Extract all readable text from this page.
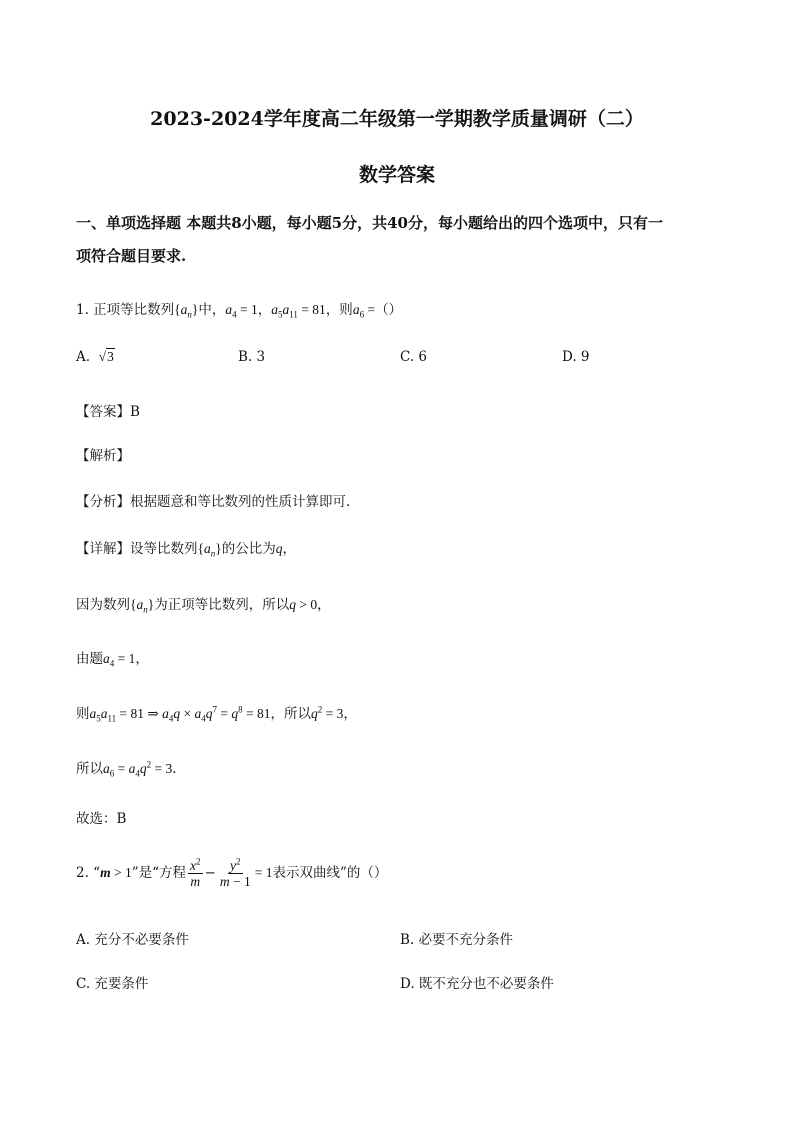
2023-2024学年度高二年级第一学期教学质量调研（二）
数学答案
一、单项选择题 本题共8小题，每小题5分，共40分，每小题给出的四个选项中，只有一
项符合题目要求.
1. 正项等比数列$\{a_n\}$中，$a_4 = 1$，$a_5a_{11} = 81$，则$a_6$ =（）
A. √3	B. 3	C. 6	D. 9
【答案】B
【解析】
【分析】根据题意和等比数列的性质计算即可.
【详解】设等比数列$\{a_n\}$的公比为q，
因为数列$\{a_n\}$为正项等比数列，所以q > 0，
由题$a_4 = 1$，
则$a_5a_{11} = 81$ ⇒ $a_4q \times a_4q^7 = q^8 = 81$，所以$q^2 = 3$，
所以$a_6 = a_4q^2 = 3$.
故选：B
2. “m > 1”是“方程 $\frac{x^2}{m} - \frac{y^2}{m - 1} = 1$表示双曲线”的（）
A. 充分不必要条件	B. 必要不充分条件
C. 充要条件	D. 既不充分也不必要条件
